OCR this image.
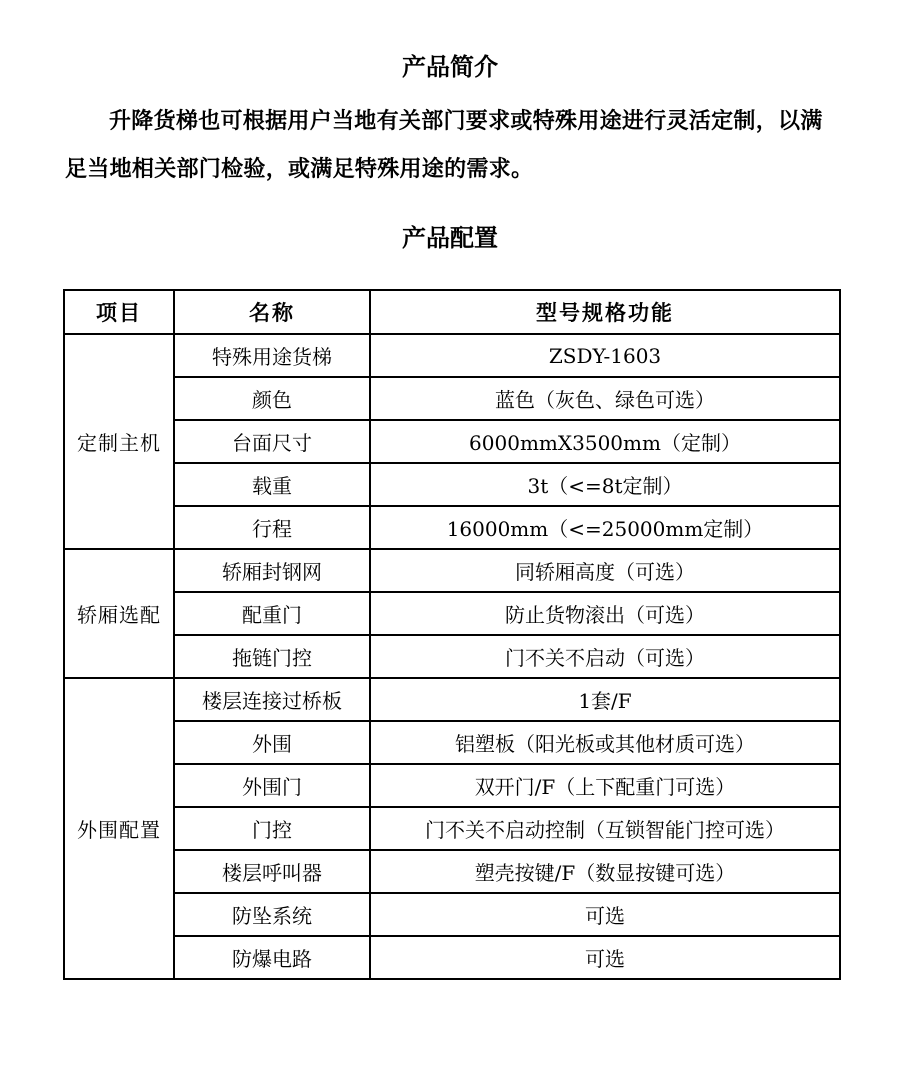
产品简介

升降货梯也可根据用户当地有关部门要求或特殊用途进行灵活定制，以满足当地相关部门检验，或满足特殊用途的需求。

产品配置
项目	名称	型号规格功能
定制主机	特殊用途货梯	ZSDY-1603
	颜色	蓝色（灰色、绿色可选）
	台面尺寸	6000mmX3500mm（定制）
	载重	3t（<=8t定制）
	行程	16000mm（<=25000mm定制）
轿厢选配	轿厢封钢网	同轿厢高度（可选）
	配重门	防止货物滚出（可选）
	拖链门控	门不关不启动（可选）
外围配置	楼层连接过桥板	1套/F
	外围	铝塑板（阳光板或其他材质可选）
	外围门	双开门/F（上下配重门可选）
	门控	门不关不启动控制（互锁智能门控可选）
	楼层呼叫器	塑壳按键/F（数显按键可选）
	防坠系统	可选
	防爆电路	可选
